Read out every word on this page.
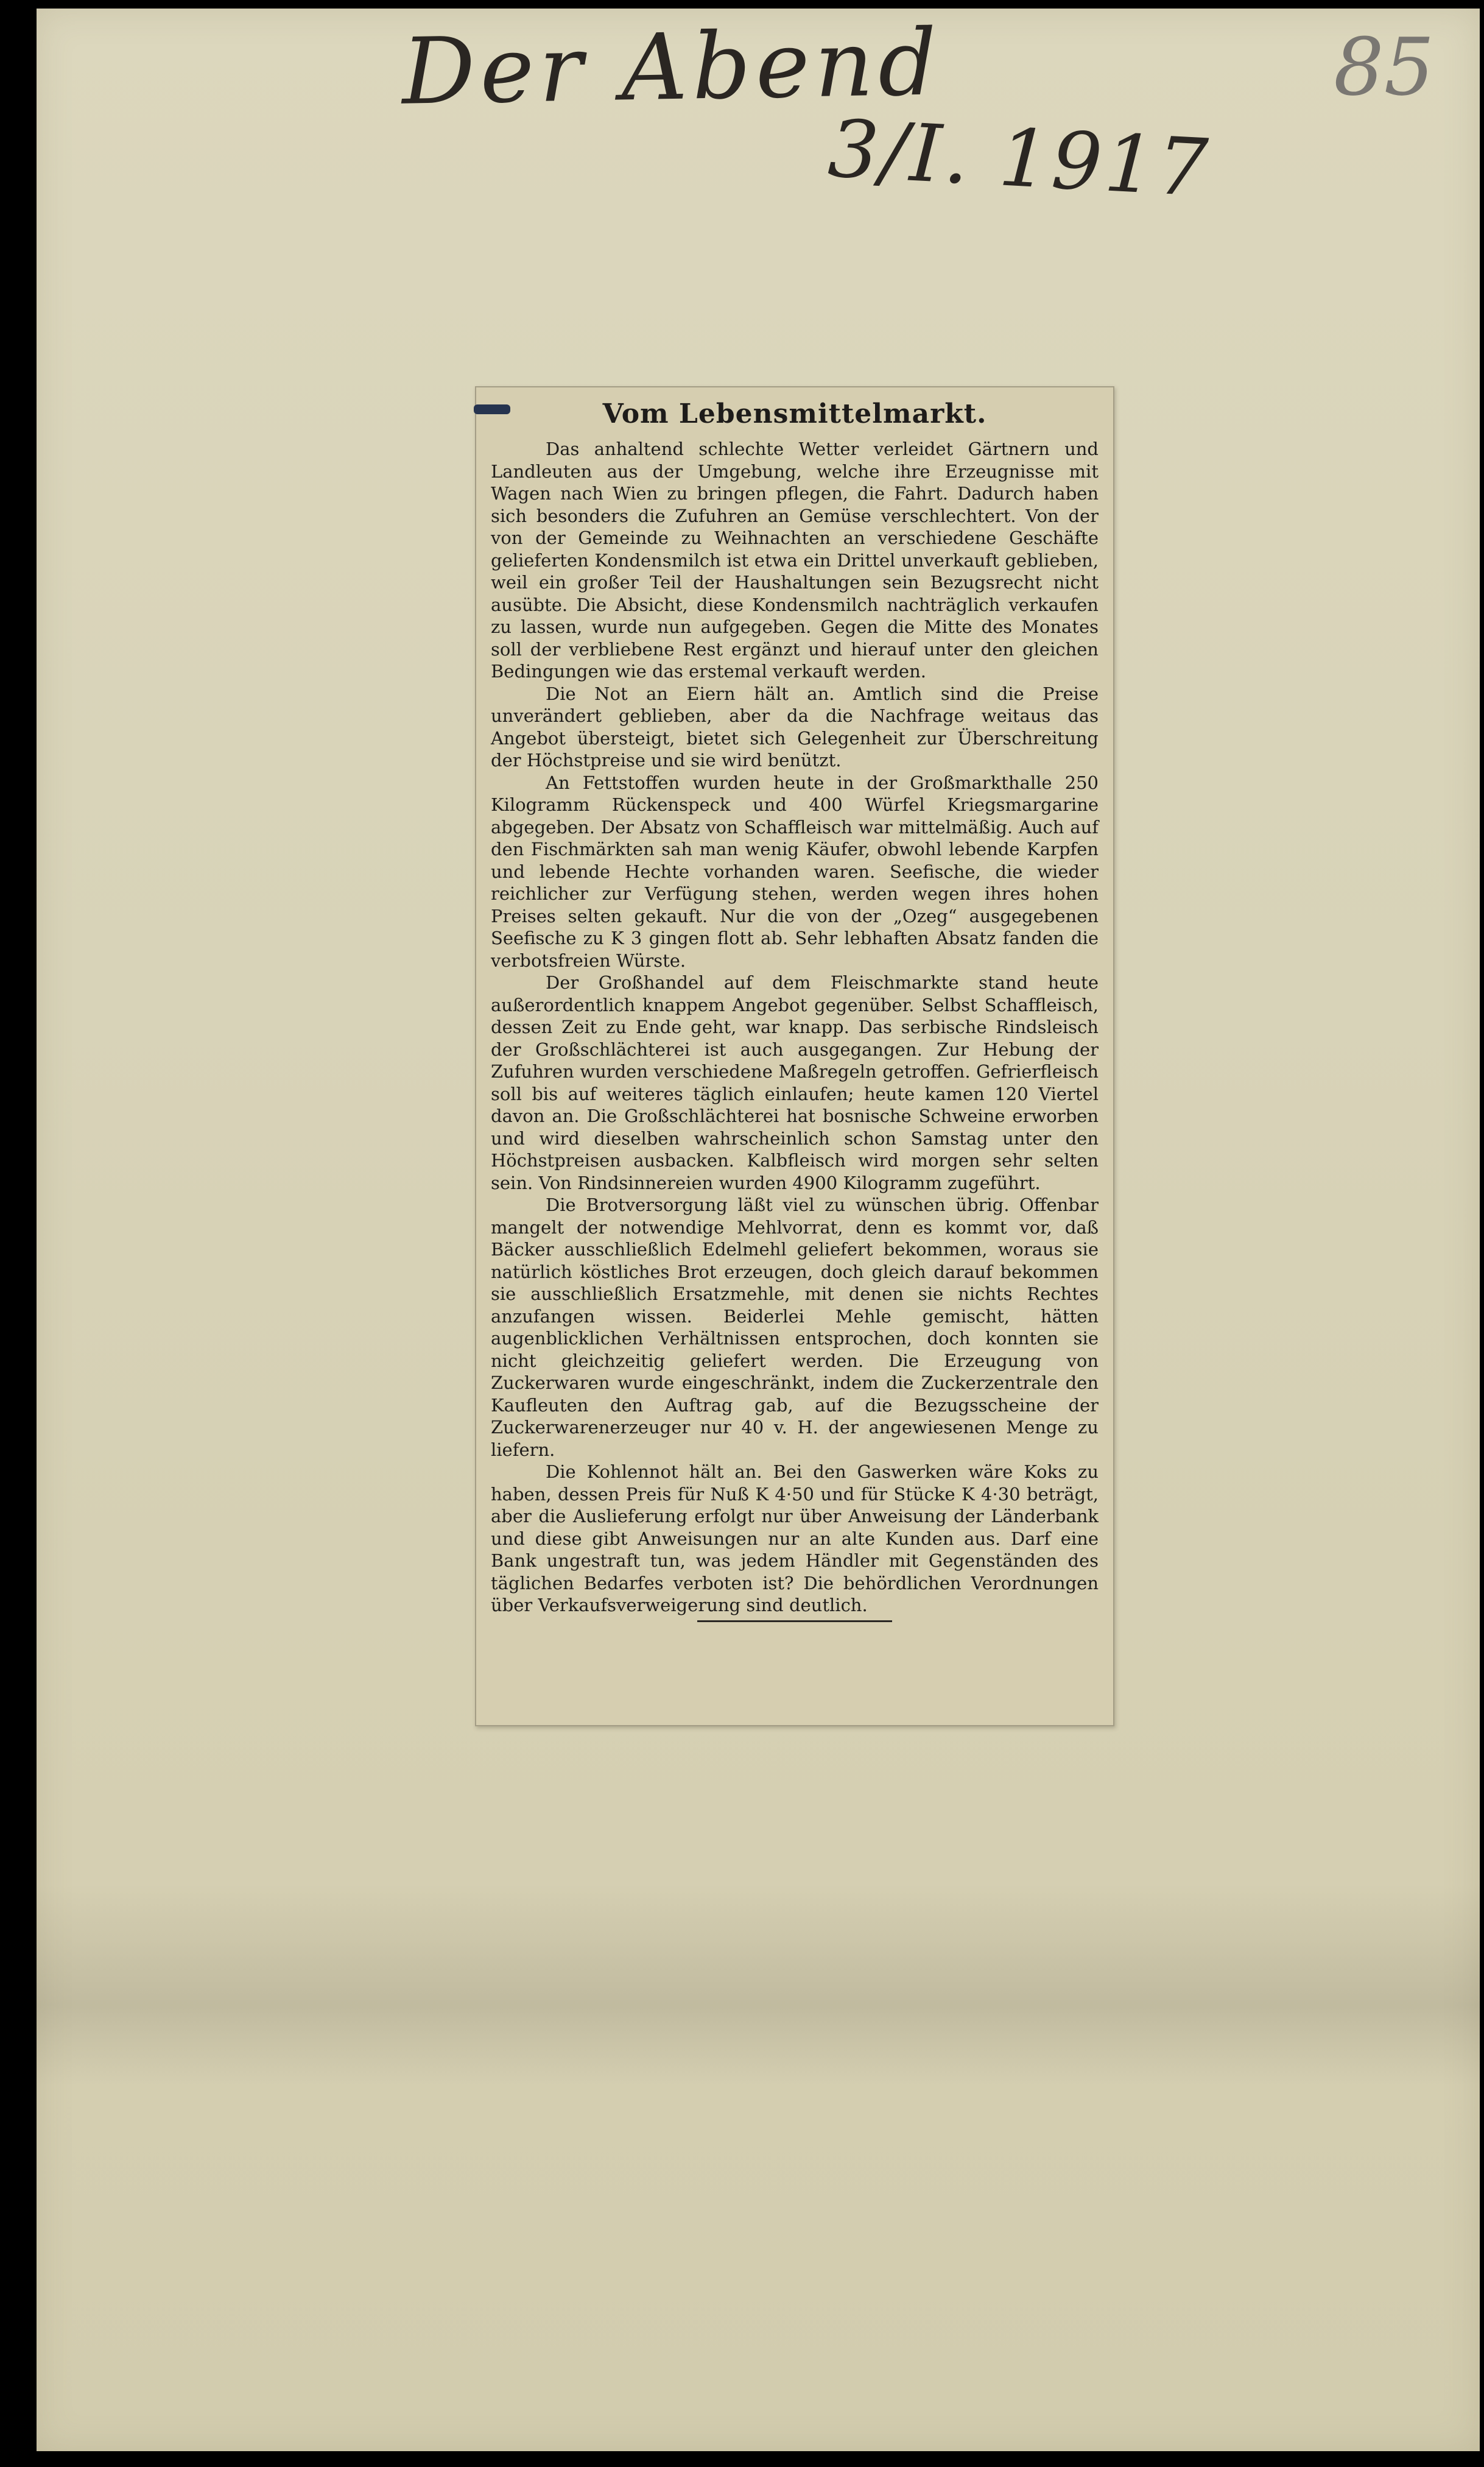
Der Abend
3/I. 1917
85
Vom Lebensmittelmarkt.

Das anhaltend schlechte Wetter verleidet Gärtnern und Landleuten aus der Umgebung, welche ihre Erzeugnisse mit Wagen nach Wien zu bringen pflegen, die Fahrt. Dadurch haben sich besonders die Zufuhren an Gemüse verschlechtert. Von der von der Gemeinde zu Weihnachten an verschiedene Geschäfte gelieferten Kondensmilch ist etwa ein Drittel unverkauft geblieben, weil ein großer Teil der Haushaltungen sein Bezugsrecht nicht ausübte. Die Absicht, diese Kondensmilch nachträglich verkaufen zu lassen, wurde nun aufgegeben. Gegen die Mitte des Monates soll der verbliebene Rest ergänzt und hierauf unter den gleichen Bedingungen wie das erstemal verkauft werden.

Die Not an Eiern hält an. Amtlich sind die Preise unverändert geblieben, aber da die Nachfrage weitaus das Angebot übersteigt, bietet sich Gelegenheit zur Überschreitung der Höchstpreise und sie wird benützt.

An Fettstoffen wurden heute in der Großmarkthalle 250 Kilogramm Rückenspeck und 400 Würfel Kriegsmargarine abgegeben. Der Absatz von Schaffleisch war mittelmäßig. Auch auf den Fischmärkten sah man wenig Käufer, obwohl lebende Karpfen und lebende Hechte vorhanden waren. Seefische, die wieder reichlicher zur Verfügung stehen, werden wegen ihres hohen Preises selten gekauft. Nur die von der „Ozeg“ ausgegebenen Seefische zu K 3 gingen flott ab. Sehr lebhaften Absatz fanden die verbotsfreien Würste.

Der Großhandel auf dem Fleischmarkte stand heute außerordentlich knappem Angebot gegenüber. Selbst Schaffleisch, dessen Zeit zu Ende geht, war knapp. Das serbische Rindsleisch der Großschlächterei ist auch ausgegangen. Zur Hebung der Zufuhren wurden verschiedene Maßregeln getroffen. Gefrierfleisch soll bis auf weiteres täglich einlaufen; heute kamen 120 Viertel davon an. Die Großschlächterei hat bosnische Schweine erworben und wird dieselben wahrscheinlich schon Samstag unter den Höchstpreisen ausbacken. Kalbfleisch wird morgen sehr selten sein. Von Rindsinnereien wurden 4900 Kilogramm zugeführt.

Die Brotversorgung läßt viel zu wünschen übrig. Offenbar mangelt der notwendige Mehlvorrat, denn es kommt vor, daß Bäcker ausschließlich Edelmehl geliefert bekommen, woraus sie natürlich köstliches Brot erzeugen, doch gleich darauf bekommen sie ausschließlich Ersatzmehle, mit denen sie nichts Rechtes anzufangen wissen. Beiderlei Mehle gemischt, hätten augenblicklichen Verhältnissen entsprochen, doch konnten sie nicht gleichzeitig geliefert werden. Die Erzeugung von Zuckerwaren wurde eingeschränkt, indem die Zuckerzentrale den Kaufleuten den Auftrag gab, auf die Bezugsscheine der Zuckerwarenerzeuger nur 40 v. H. der angewiesenen Menge zu liefern.

Die Kohlennot hält an. Bei den Gaswerken wäre Koks zu haben, dessen Preis für Nuß K 4·50 und für Stücke K 4·30 beträgt, aber die Auslieferung erfolgt nur über Anweisung der Länderbank und diese gibt Anweisungen nur an alte Kunden aus. Darf eine Bank ungestraft tun, was jedem Händler mit Gegenständen des täglichen Bedarfes verboten ist? Die behördlichen Verordnungen über Verkaufsverweigerung sind deutlich.
